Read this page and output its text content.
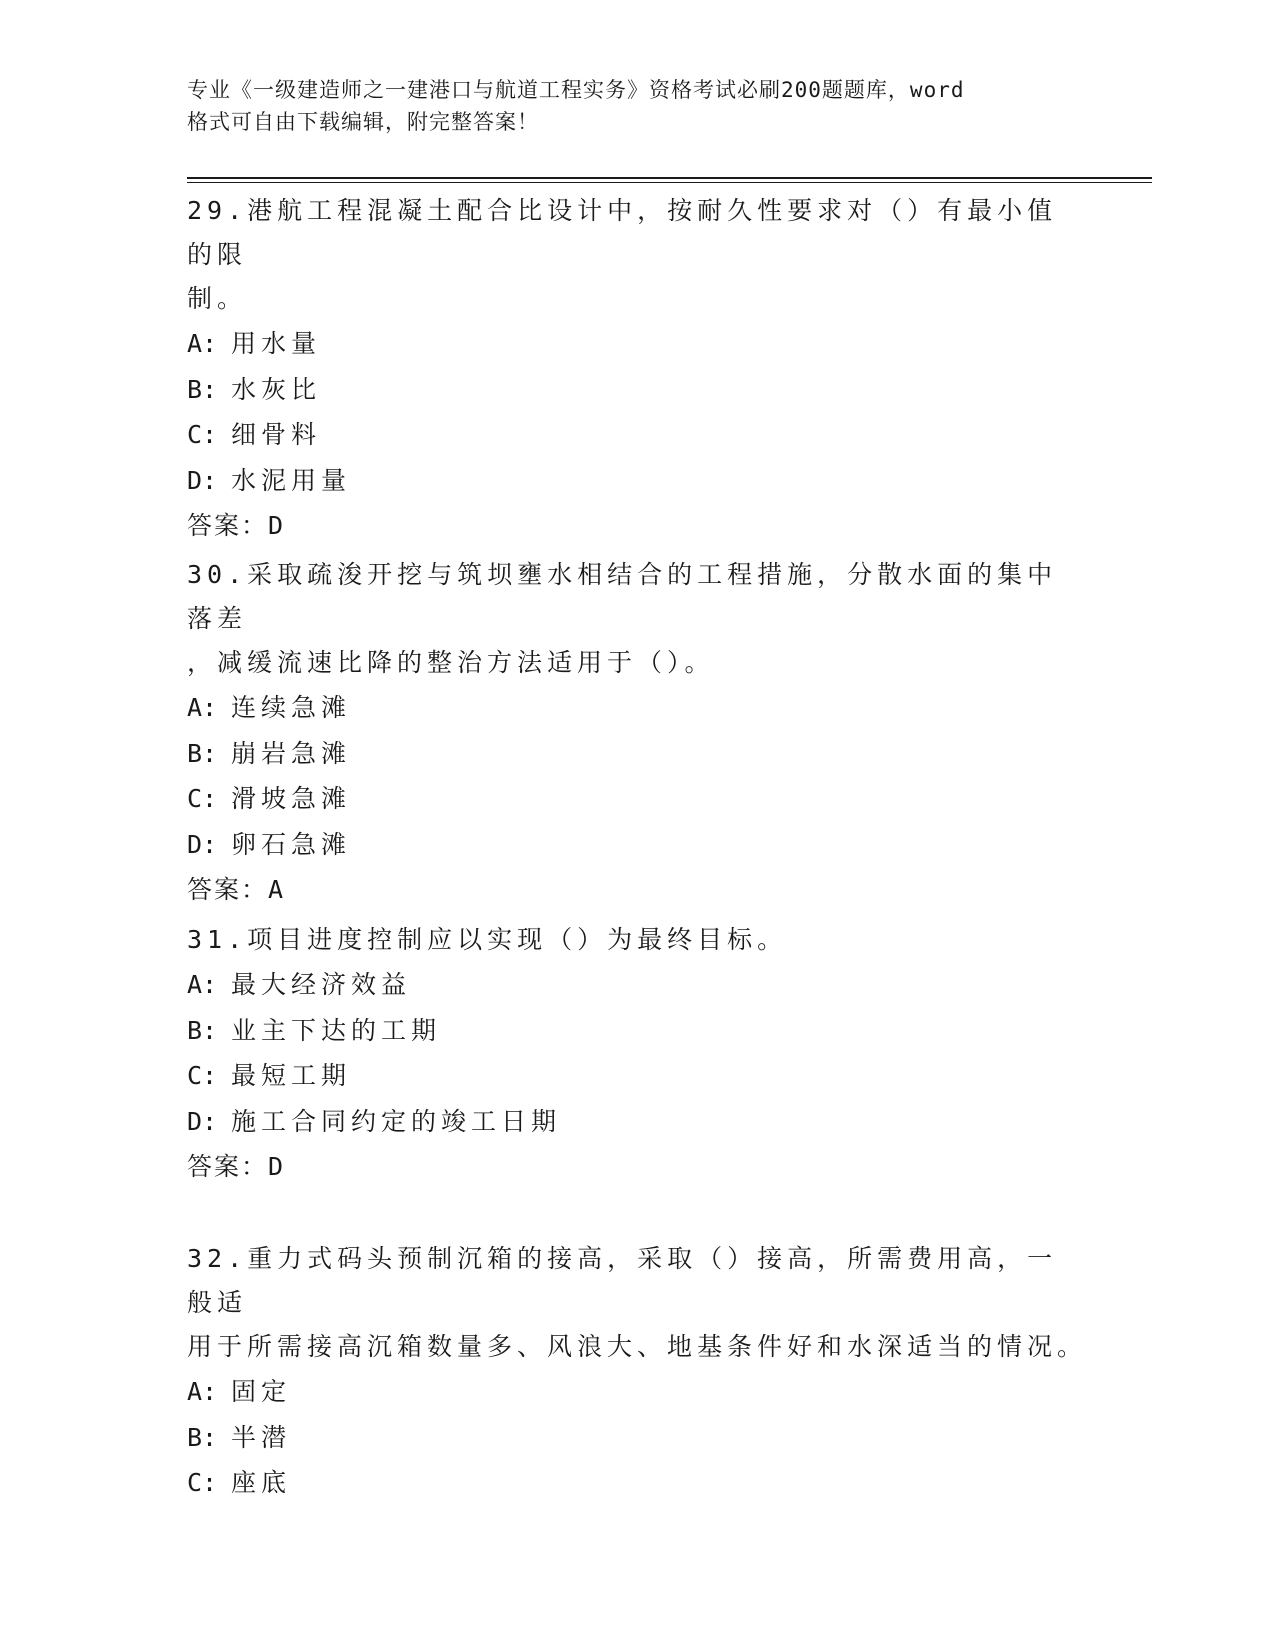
专业《一级建造师之一建港口与航道工程实务》资格考试必刷200题题库，word
格式可自由下载编辑，附完整答案！

29.港航工程混凝土配合比设计中，按耐久性要求对（）有最小值的限

制。

A: 用水量

B: 水灰比

C: 细骨料

D: 水泥用量

答案：D

30.采取疏浚开挖与筑坝壅水相结合的工程措施，分散水面的集中落差

，减缓流速比降的整治方法适用于（）。

A: 连续急滩

B: 崩岩急滩

C: 滑坡急滩

D: 卵石急滩

答案：A

31.项目进度控制应以实现（）为最终目标。

A: 最大经济效益

B: 业主下达的工期

C: 最短工期

D: 施工合同约定的竣工日期

答案：D

32.重力式码头预制沉箱的接高，采取（）接高，所需费用高，一般适

用于所需接高沉箱数量多、风浪大、地基条件好和水深适当的情况。

A: 固定

B: 半潜

C: 座底
